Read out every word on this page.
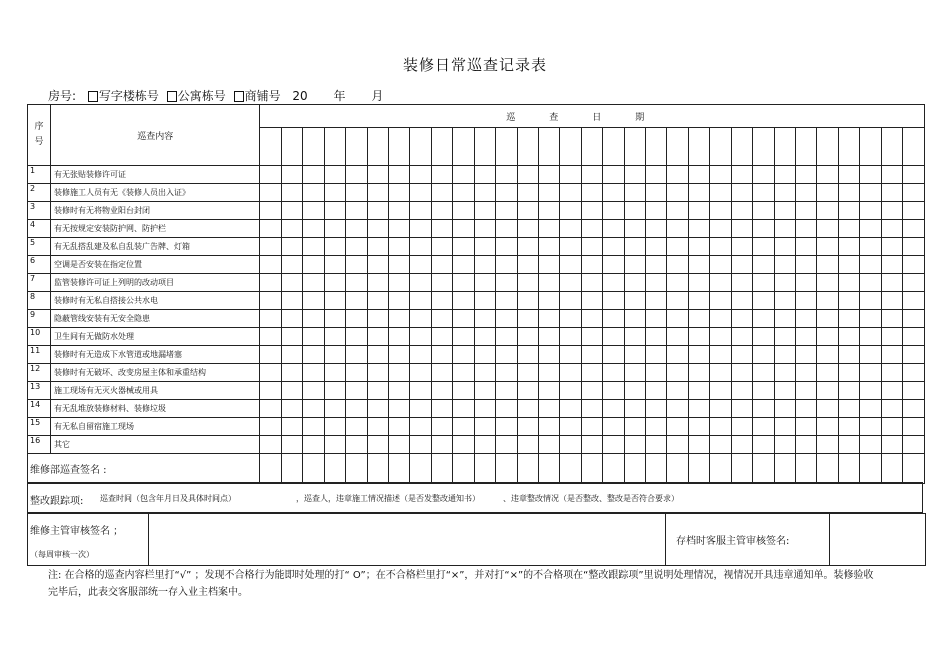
装修日常巡查记录表
房号: 写字楼栋号 公寓栋号 商铺号 20 年 月
序
号	巡查内容	巡查日期																														

1	有无张贴装修许可证																															
2	装修施工人员有无《装修人员出入证》																															
3	装修时有无将物业阳台封闭																															
4	有无按规定安装防护网、防护栏																															
5	有无乱搭乱建及私自乱装广告牌、灯箱																															
6	空调是否安装在指定位置																															
7	监管装修许可证上列明的改动项目																															
8	装修时有无私自搭接公共水电																															
9	隐蔽管线安装有无安全隐患																															
10	卫生间有无做防水处理																															
11	装修时有无造成下水管道或地漏堵塞																															
12	装修时有无破坏、改变房屋主体和承重结构																															
13	施工现场有无灭火器械或用具																															
14	有无乱堆放装修材料、装修垃圾																															
15	有无私自留宿施工现场																															
16	其它																															
维修部巡查签名 :																																
整改跟踪项: 巡查时间（包含年月日及具体时间点）	，巡查人，违章施工情况描述（是否发整改通知书）	、违章整改情况（是否整改、整改是否符合要求）
维修主管审核签名 ；
（每周审核一次）
		存档时客服主管审核签名:	
注: 在合格的巡查内容栏里打“√” ；发现不合格行为能即时处理的打“ O”；在不合格栏里打“×”，并对打“×”的不合格项在“整改跟踪项”里说明处理情况，视情况开具违章通知单。装修验收完毕后，此表交客服部统一存入业主档案中。
